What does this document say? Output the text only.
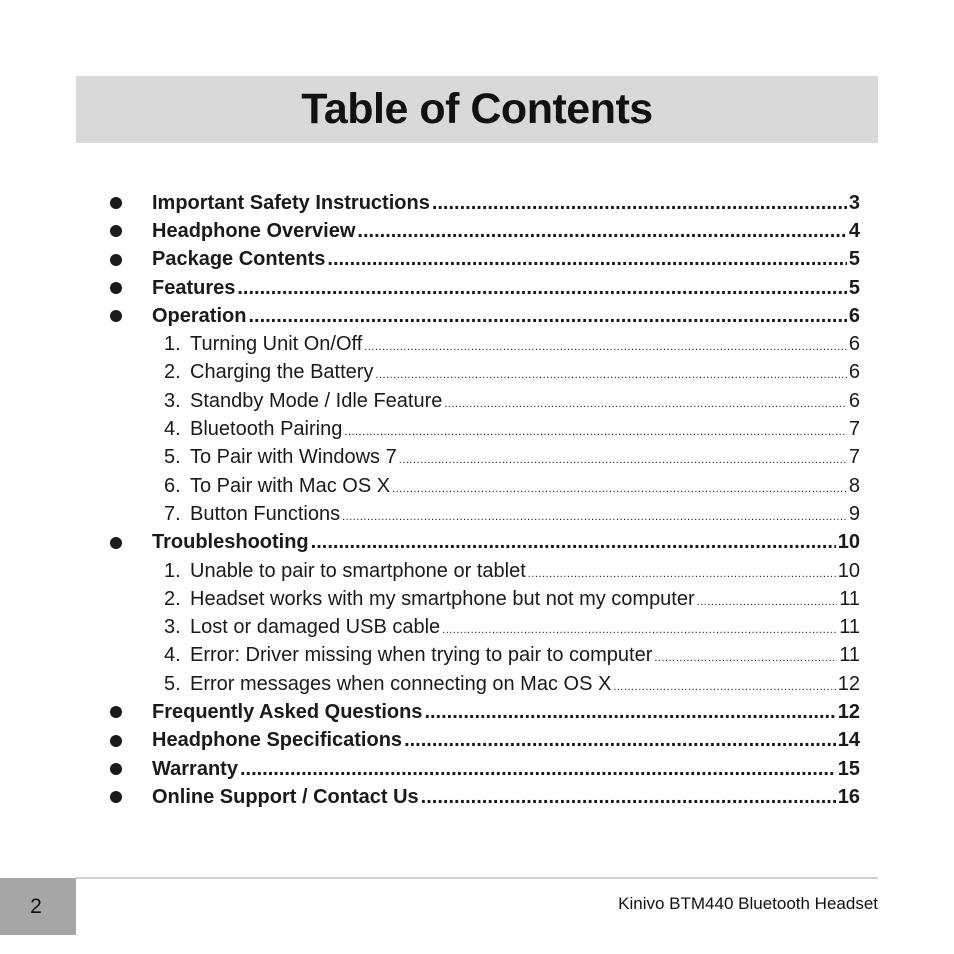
Table of Contents
Important Safety Instructions .....	3
Headphone Overview .....	4
Package Contents .....	5
Features .....	5
Operation .....	6
1. Turning Unit On/Off .....	6
2. Charging the Battery .....	6
3. Standby Mode / Idle Feature .....	6
4. Bluetooth Pairing .....	7
5. To Pair with Windows 7 .....	7
6. To Pair with Mac OS X .....	8
7. Button Functions .....	9
Troubleshooting .....	10
1. Unable to pair to smartphone or tablet .....	10
2. Headset works with my smartphone but not my computer .....	11
3. Lost or damaged USB cable .....	11
4. Error: Driver missing when trying to pair to computer .....	11
5. Error messages when connecting on Mac OS X .....	12
Frequently Asked Questions .....	12
Headphone Specifications .....	14
Warranty .....	15
Online Support / Contact Us .....	16
2	Kinivo BTM440 Bluetooth Headset
